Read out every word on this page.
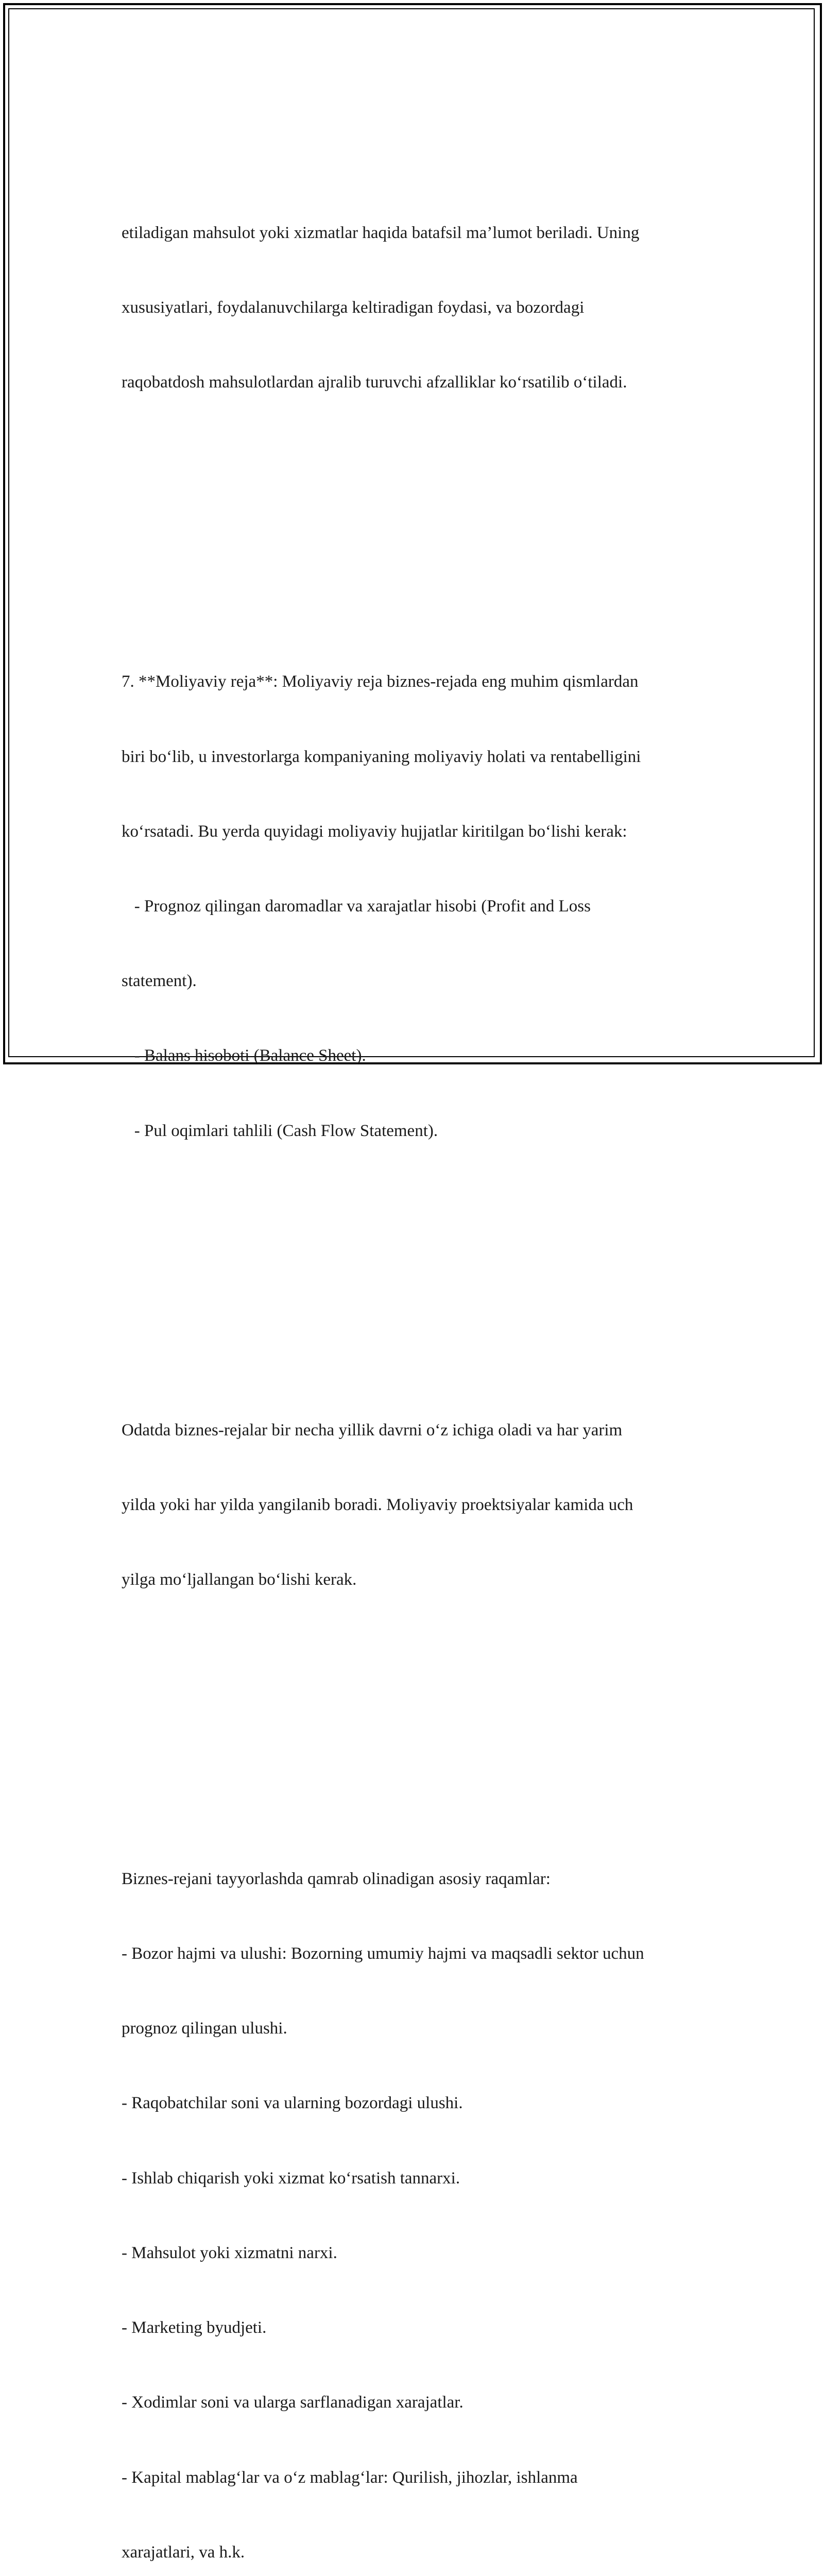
etiladigan mahsulot yoki xizmatlar haqida batafsil ma’lumot beriladi. Uning

xususiyatlari, foydalanuvchilarga keltiradigan foydasi, va bozordagi

raqobatdosh mahsulotlardan ajralib turuvchi afzalliklar koʻrsatilib oʻtiladi.

7. **Moliyaviy reja**: Moliyaviy reja biznes-rejada eng muhim qismlardan

biri boʻlib, u investorlarga kompaniyaning moliyaviy holati va rentabelligini

koʻrsatadi. Bu yerda quyidagi moliyaviy hujjatlar kiritilgan boʻlishi kerak:

- Prognoz qilingan daromadlar va xarajatlar hisobi (Profit and Loss

statement).

- Balans hisoboti (Balance Sheet).

- Pul oqimlari tahlili (Cash Flow Statement).

Odatda biznes-rejalar bir necha yillik davrni oʻz ichiga oladi va har yarim

yilda yoki har yilda yangilanib boradi. Moliyaviy proektsiyalar kamida uch

yilga moʻljallangan boʻlishi kerak.

Biznes-rejani tayyorlashda qamrab olinadigan asosiy raqamlar:

- Bozor hajmi va ulushi: Bozorning umumiy hajmi va maqsadli sektor uchun

prognoz qilingan ulushi.

- Raqobatchilar soni va ularning bozordagi ulushi.

- Ishlab chiqarish yoki xizmat koʻrsatish tannarxi.

- Mahsulot yoki xizmatni narxi.

- Marketing byudjeti.

- Xodimlar soni va ularga sarflanadigan xarajatlar.

- Kapital mablagʻlar va oʻz mablagʻlar: Qurilish, jihozlar, ishlanma

xarajatlari, va h.k.
